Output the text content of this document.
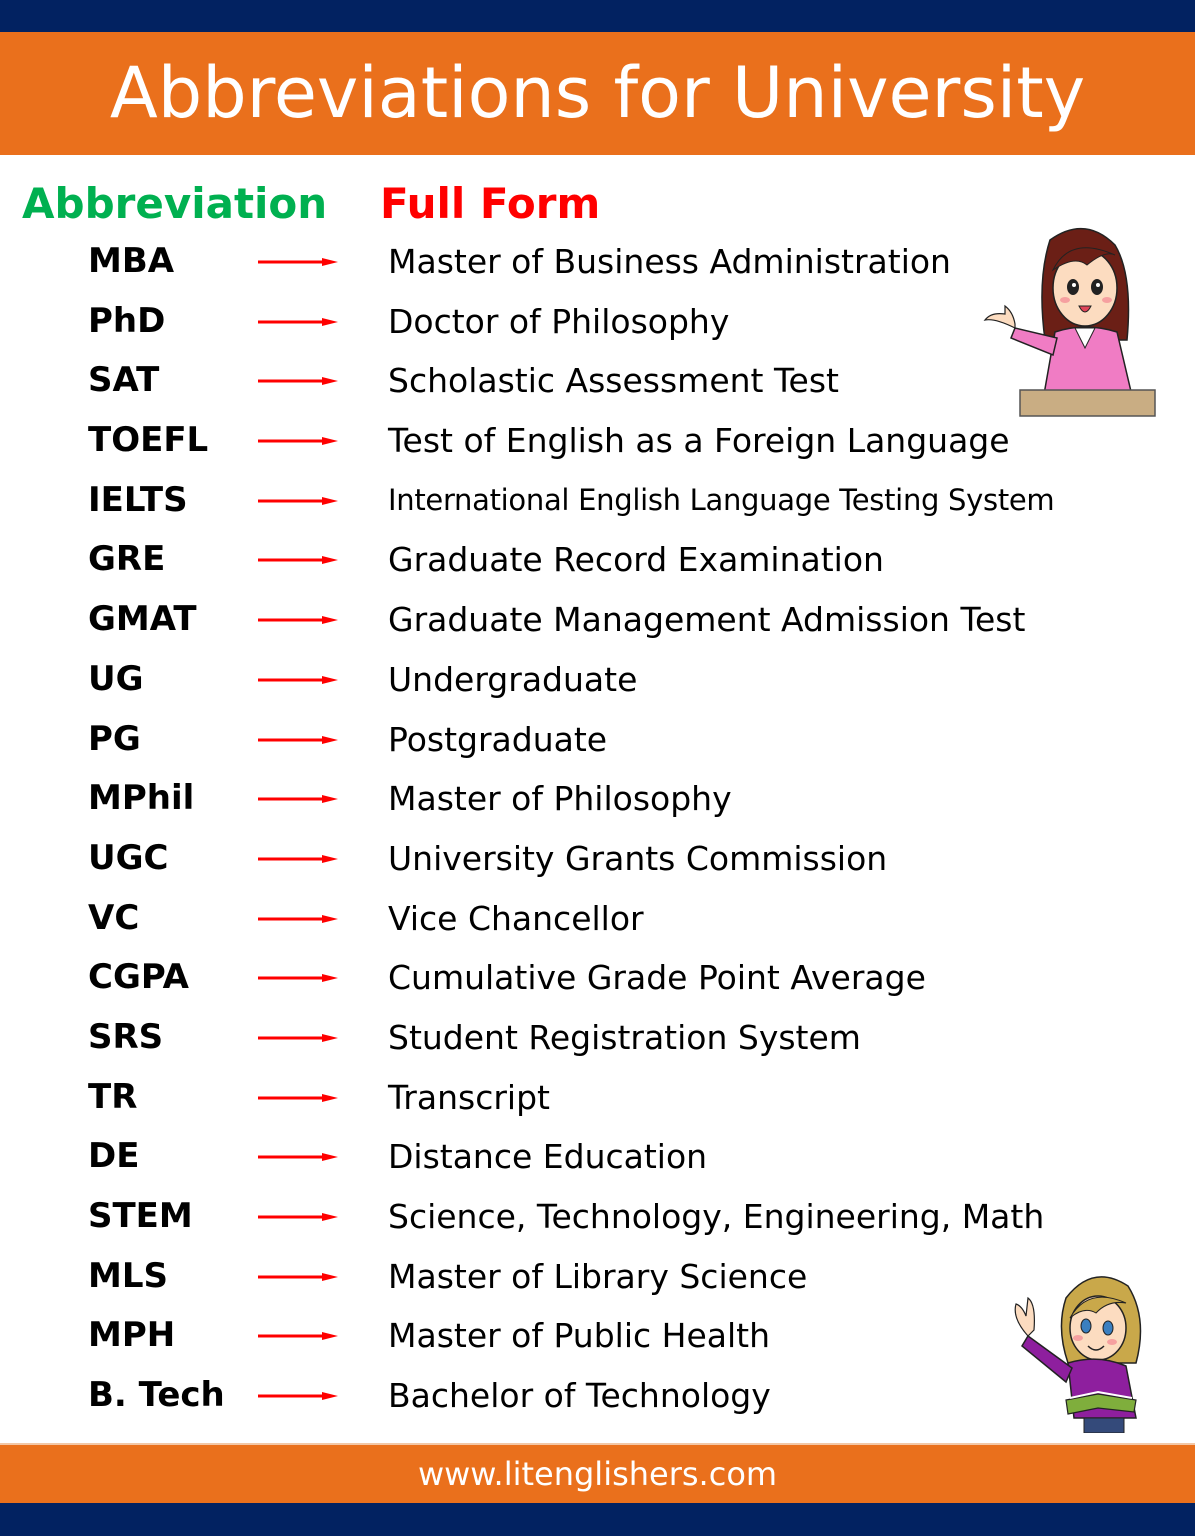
Abbreviations for University
Abbreviation Full Form
MBA	Master of Business Administration
PhD	Doctor of Philosophy
SAT	Scholastic Assessment Test
TOEFL	Test of English as a Foreign Language
IELTS	International English Language Testing System
GRE	Graduate Record Examination
GMAT	Graduate Management Admission Test
UG	Undergraduate
PG	Postgraduate
MPhil	Master of Philosophy
UGC	University Grants Commission
VC	Vice Chancellor
CGPA	Cumulative Grade Point Average
SRS	Student Registration System
TR	Transcript
DE	Distance Education
STEM	Science, Technology, Engineering, Math
MLS	Master of Library Science
MPH	Master of Public Health
B. Tech	Bachelor of Technology
www.litenglishers.com
